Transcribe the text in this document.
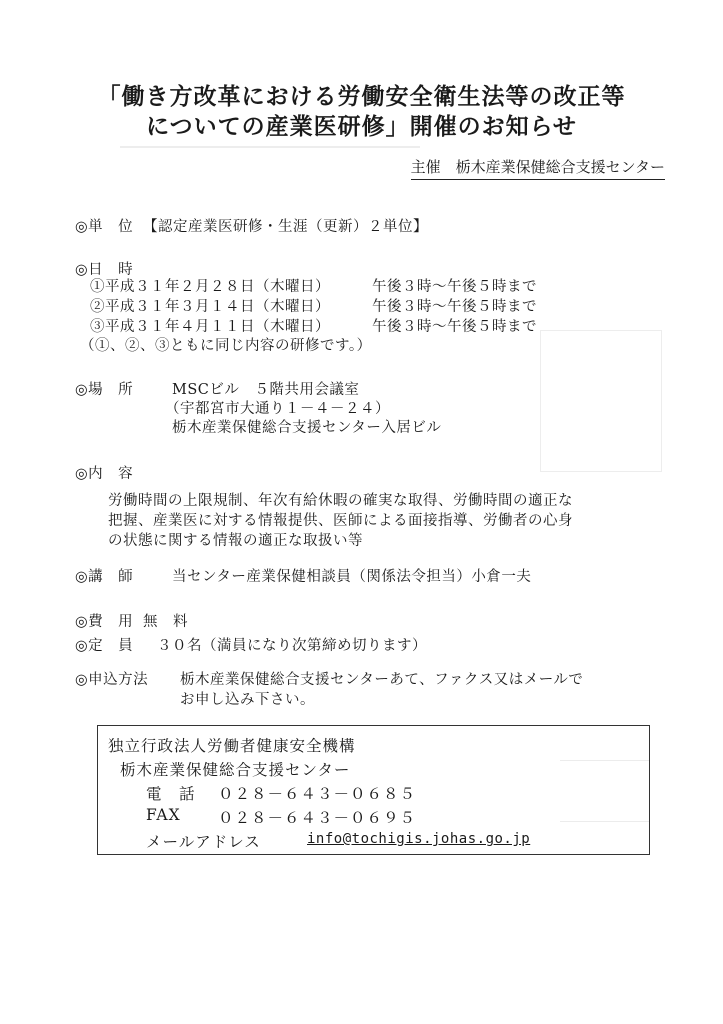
「働き方改革における労働安全衛生法等の改正等
についての産業医研修」開催のお知らせ
主催　栃木産業保健総合支援センター
◎単　位 【認定産業医研修・生涯（更新）２単位】
◎日　時
①平成３１年２月２８日（木曜日）	午後３時～午後５時まで
②平成３１年３月１４日（木曜日）	午後３時～午後５時まで
③平成３１年４月１１日（木曜日）	午後３時～午後５時まで
（①、②、③ともに同じ内容の研修です。）
◎場　所	MSCビル　５階共用会議室
（宇都宮市大通り１－４－２４）
栃木産業保健総合支援センター入居ビル
◎内　容
労働時間の上限規制、年次有給休暇の確実な取得、労働時間の適正な
把握、産業医に対する情報提供、医師による面接指導、労働者の心身
の状態に関する情報の適正な取扱い等
◎講　師	当センター産業保健相談員（関係法令担当）小倉一夫
◎費　用 無　料
◎定　員 ３０名（満員になり次第締め切ります）
◎申込方法 栃木産業保健総合支援センターあて、ファクス又はメールで
お申し込み下さい。
独立行政法人労働者健康安全機構
栃木産業保健総合支援センター
電　話 ０２８－６４３－０６８５
FAX ０２８－６４３－０６９５
メールアドレス	info@tochigis.johas.go.jp
